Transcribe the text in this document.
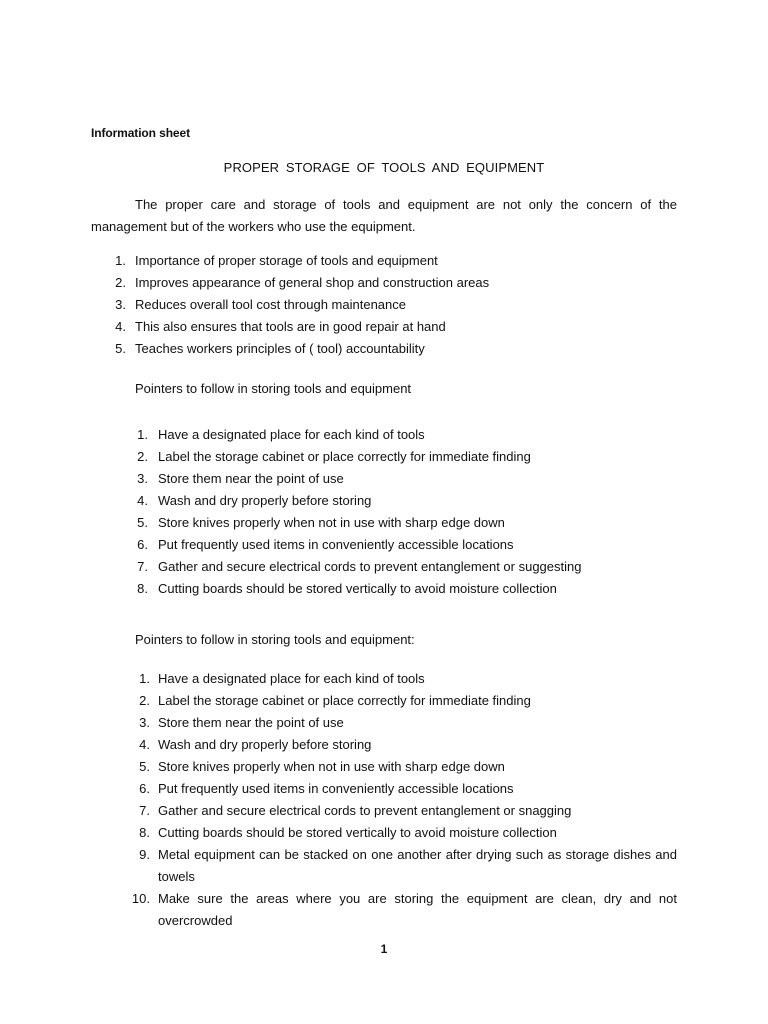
Information sheet
PROPER STORAGE OF TOOLS AND EQUIPMENT

The proper care and storage of tools and equipment are not only the concern of the management but of the workers who use the equipment.

1. Importance of proper storage of tools and equipment
2. Improves appearance of general shop and construction areas
3. Reduces overall tool cost through maintenance
4. This also ensures that tools are in good repair at hand
5. Teaches workers principles of ( tool) accountability

Pointers to follow in storing tools and equipment

1. Have a designated place for each kind of tools
2. Label the storage cabinet or place correctly for immediate finding
3. Store them near the point of use
4. Wash and dry properly before storing
5. Store knives properly when not in use with sharp edge down
6. Put frequently used items in conveniently accessible locations
7. Gather and secure electrical cords to prevent entanglement or suggesting
8. Cutting boards should be stored vertically to avoid moisture collection

Pointers to follow in storing tools and equipment:

1. Have a designated place for each kind of tools
2. Label the storage cabinet or place correctly for immediate finding
3. Store them near the point of use
4. Wash and dry properly before storing
5. Store knives properly when not in use with sharp edge down
6. Put frequently used items in conveniently accessible locations
7. Gather and secure electrical cords to prevent entanglement or snagging
8. Cutting boards should be stored vertically to avoid moisture collection
9. Metal equipment can be stacked on one another after drying such as storage dishes and towels
10. Make sure the areas where you are storing the equipment are clean, dry and not overcrowded
1
